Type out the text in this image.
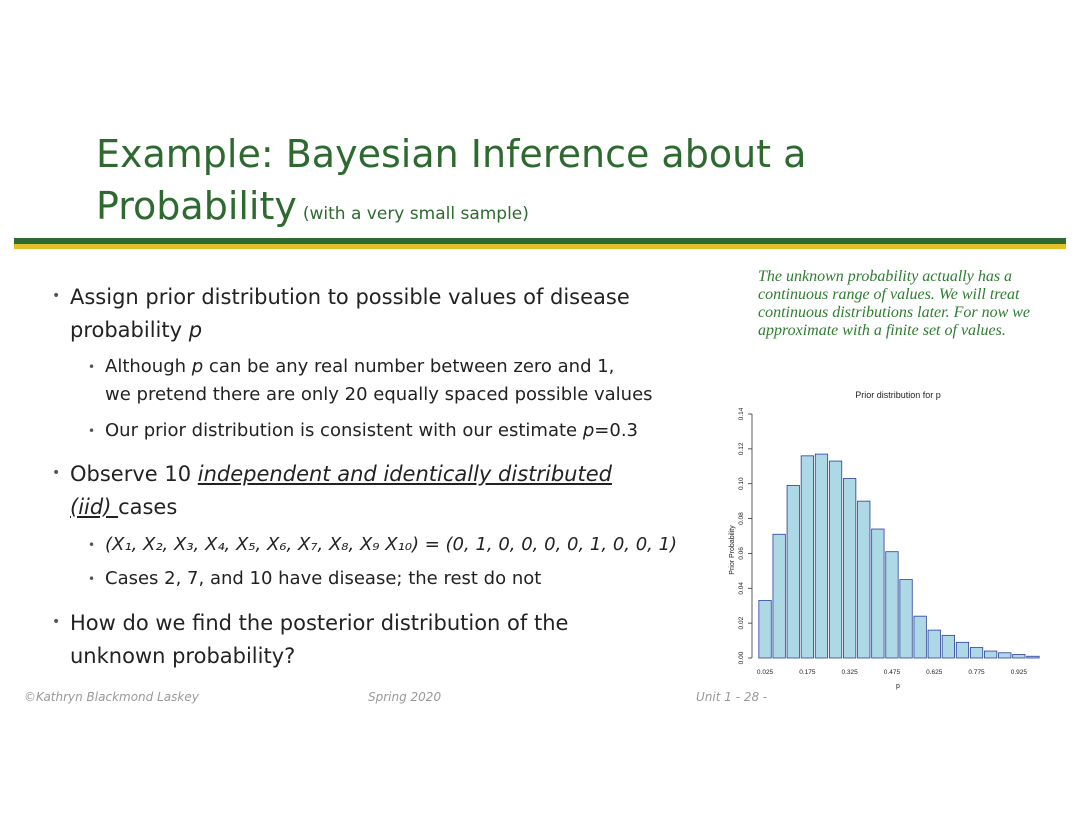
Example: Bayesian Inference about a
Probability (with a very small sample)
• Assign prior distribution to possible values of disease
probability p
• Although p can be any real number between zero and 1,
we pretend there are only 20 equally spaced possible values
• Our prior distribution is consistent with our estimate p=0.3
• Observe 10 independent and identically distributed
(iid) cases
• (X₁, X₂, X₃, X₄, X₅, X₆, X₇, X₈, X₉ X₁₀) = (0, 1, 0, 0, 0, 0, 1, 0, 0, 1)
• Cases 2, 7, and 10 have disease; the rest do not
• How do we find the posterior distribution of the
unknown probability?
The unknown probability actually has a continuous range of values. We will treat continuous distributions later. For now we approximate with a finite set of values.
Prior distribution for p
Prior Probability
p
0.00
0.02
0.04
0.06
0.08
0.10
0.12
0.14
0.025	0.175	0.325	0.475	0.625	0.775	0.925
©Kathryn Blackmond Laskey	Spring 2020	Unit 1 - 28 -
